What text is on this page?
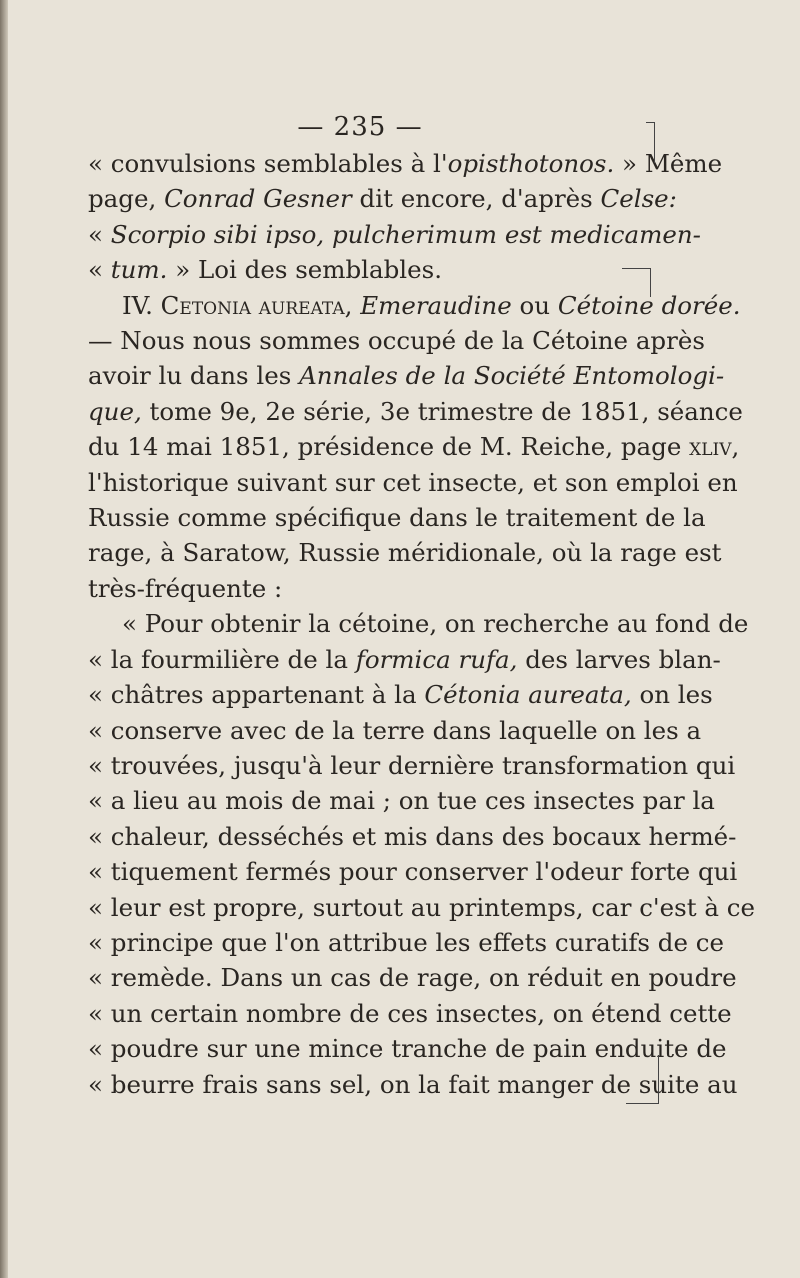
— 235 —
« convulsions semblables à l'opisthotonos. » Même
page, Conrad Gesner dit encore, d'après Celse:
« Scorpio sibi ipso, pulcherimum est medicamen-
« tum. » Loi des semblables.
IV. Cetonia aureata, Emeraudine ou Cétoine dorée.
— Nous nous sommes occupé de la Cétoine après
avoir lu dans les Annales de la Société Entomologi-
que, tome 9e, 2e série, 3e trimestre de 1851, séance
du 14 mai 1851, présidence de M. Reiche, page xliv,
l'historique suivant sur cet insecte, et son emploi en
Russie comme spécifique dans le traitement de la
rage, à Saratow, Russie méridionale, où la rage est
très-fréquente :
« Pour obtenir la cétoine, on recherche au fond de
« la fourmilière de la formica rufa, des larves blan-
« châtres appartenant à la Cétonia aureata, on les
« conserve avec de la terre dans laquelle on les a
« trouvées, jusqu'à leur dernière transformation qui
« a lieu au mois de mai ; on tue ces insectes par la
« chaleur, desséchés et mis dans des bocaux hermé-
« tiquement fermés pour conserver l'odeur forte qui
« leur est propre, surtout au printemps, car c'est à ce
« principe que l'on attribue les effets curatifs de ce
« remède. Dans un cas de rage, on réduit en poudre
« un certain nombre de ces insectes, on étend cette
« poudre sur une mince tranche de pain enduite de
« beurre frais sans sel, on la fait manger de suite au
